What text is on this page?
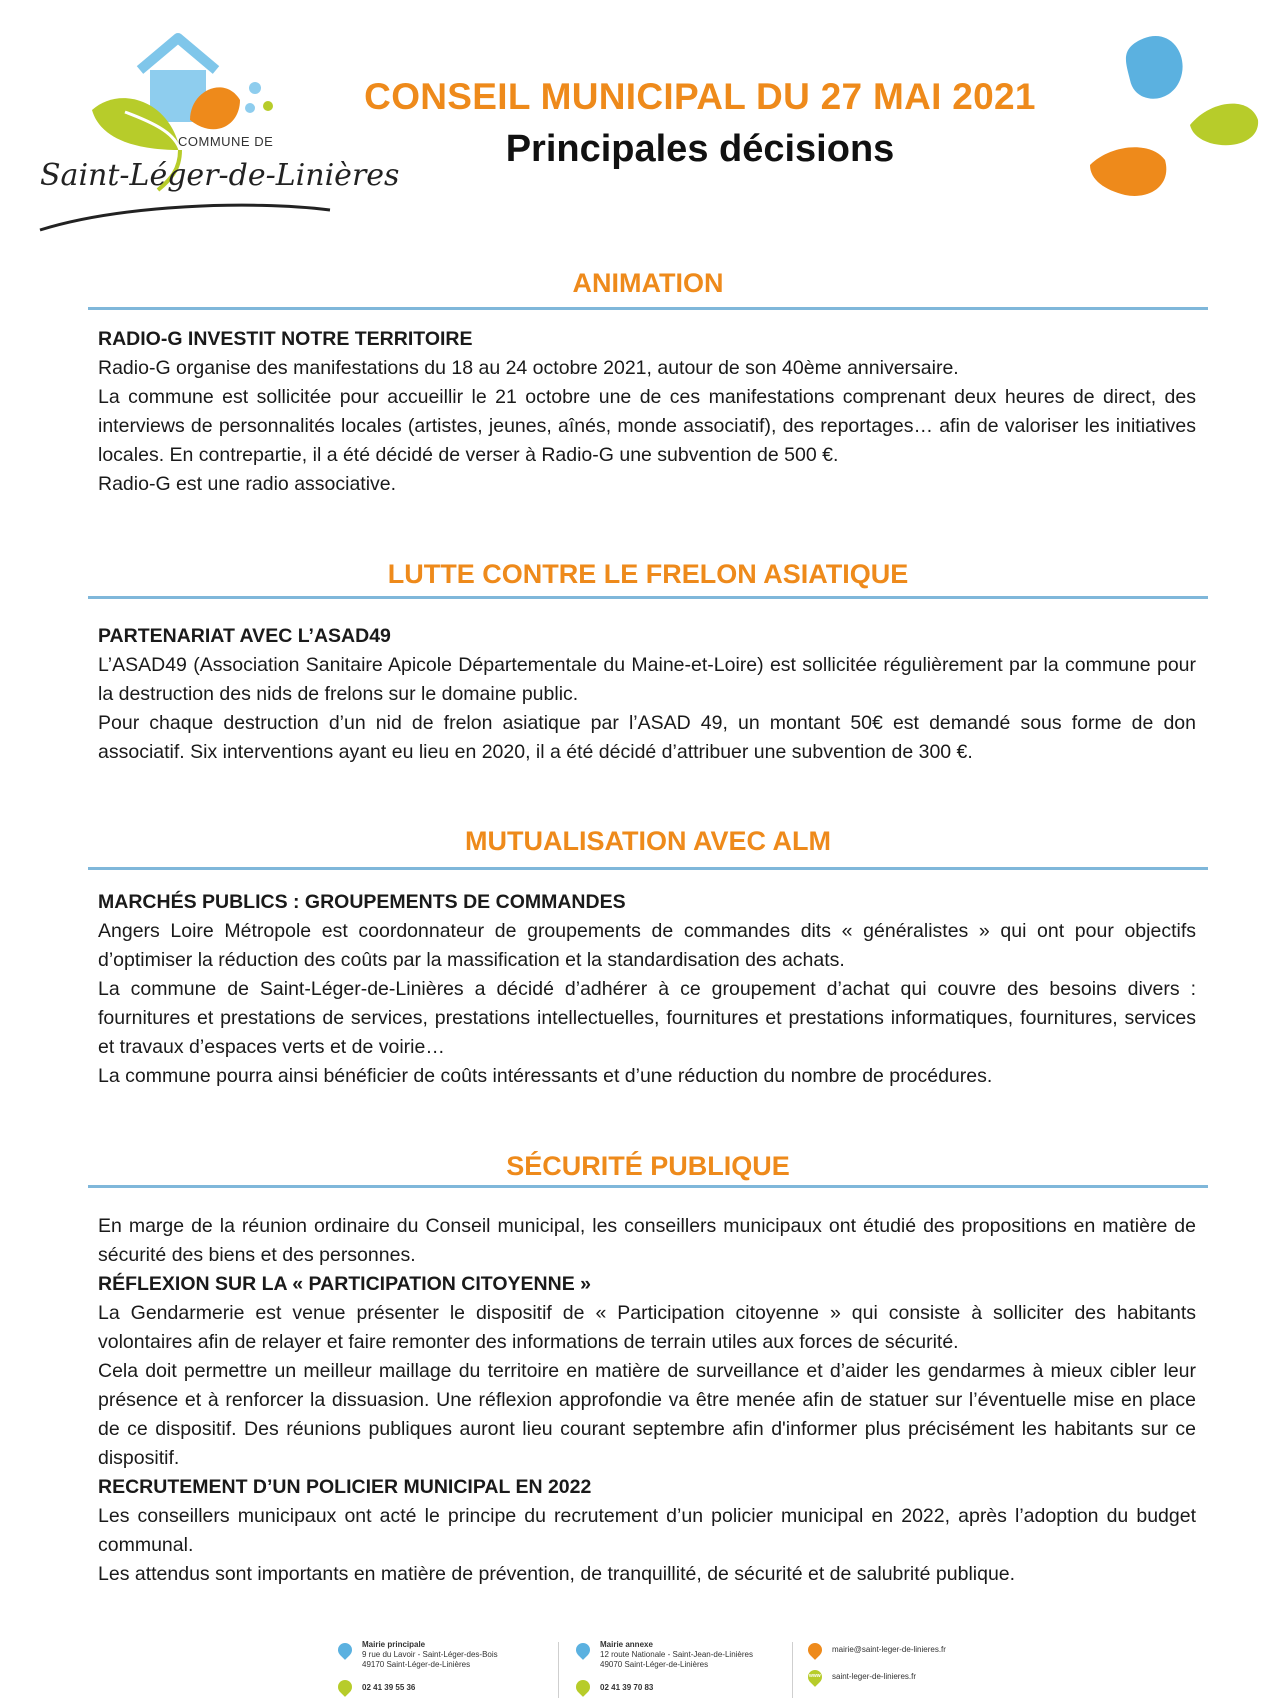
COMMUNE DE
Saint-Léger-de-Linières
CONSEIL MUNICIPAL DU 27 MAI 2021
Principales décisions
ANIMATION

RADIO-G INVESTIT NOTRE TERRITOIRE

Radio-G organise des manifestations du 18 au 24 octobre 2021, autour de son 40ème anniversaire.

La commune est sollicitée pour accueillir le 21 octobre une de ces manifestations comprenant deux heures de direct, des interviews de personnalités locales (artistes, jeunes, aînés, monde associatif), des reportages… afin de valoriser les initiatives locales. En contrepartie, il a été décidé de verser à Radio-G une subvention de 500 €.

Radio-G est une radio associative.

LUTTE CONTRE LE FRELON ASIATIQUE

PARTENARIAT AVEC L’ASAD49

L’ASAD49 (Association Sanitaire Apicole Départementale du Maine-et-Loire) est sollicitée régulièrement par la commune pour la destruction des nids de frelons sur le domaine public.

Pour chaque destruction d’un nid de frelon asiatique par l’ASAD 49, un montant 50€ est demandé sous forme de don associatif. Six interventions ayant eu lieu en 2020, il a été décidé d’attribuer une subvention de 300 €.

MUTUALISATION AVEC ALM

MARCHÉS PUBLICS : GROUPEMENTS DE COMMANDES

Angers Loire Métropole est coordonnateur de groupements de commandes dits « généralistes » qui ont pour objectifs d’optimiser la réduction des coûts par la massification et la standardisation des achats.

La commune de Saint-Léger-de-Linières a décidé d’adhérer à ce groupement d’achat qui couvre des besoins divers : fournitures et prestations de services, prestations intellectuelles, fournitures et prestations informatiques, fournitures, services et travaux d’espaces verts et de voirie…

La commune pourra ainsi bénéficier de coûts intéressants et d’une réduction du nombre de procédures.

SÉCURITÉ PUBLIQUE

En marge de la réunion ordinaire du Conseil municipal, les conseillers municipaux ont étudié des propositions en matière de sécurité des biens et des personnes.

RÉFLEXION SUR LA « PARTICIPATION CITOYENNE »

La Gendarmerie est venue présenter le dispositif de « Participation citoyenne » qui consiste à solliciter des habitants volontaires afin de relayer et faire remonter des informations de terrain utiles aux forces de sécurité.

Cela doit permettre un meilleur maillage du territoire en matière de surveillance et d’aider les gendarmes à mieux cibler leur présence et à renforcer la dissuasion. Une réflexion approfondie va être menée afin de statuer sur l’éventuelle mise en place de ce dispositif. Des réunions publiques auront lieu courant septembre afin d'informer plus précisément les habitants sur ce dispositif.

RECRUTEMENT D’UN POLICIER MUNICIPAL EN 2022

Les conseillers municipaux ont acté le principe du recrutement d’un policier municipal en 2022, après l’adoption du budget communal.

Les attendus sont importants en matière de prévention, de tranquillité, de sécurité et de salubrité publique.

Mairie principale

9 rue du Lavoir - Saint-Léger-des-Bois

49170 Saint-Léger-de-Linières

02 41 39 55 36

Mairie annexe

12 route Nationale - Saint-Jean-de-Linières

49070 Saint-Léger-de-Linières

02 41 39 70 83

mairie@saint-leger-de-linieres.fr

www saint-leger-de-linieres.fr
